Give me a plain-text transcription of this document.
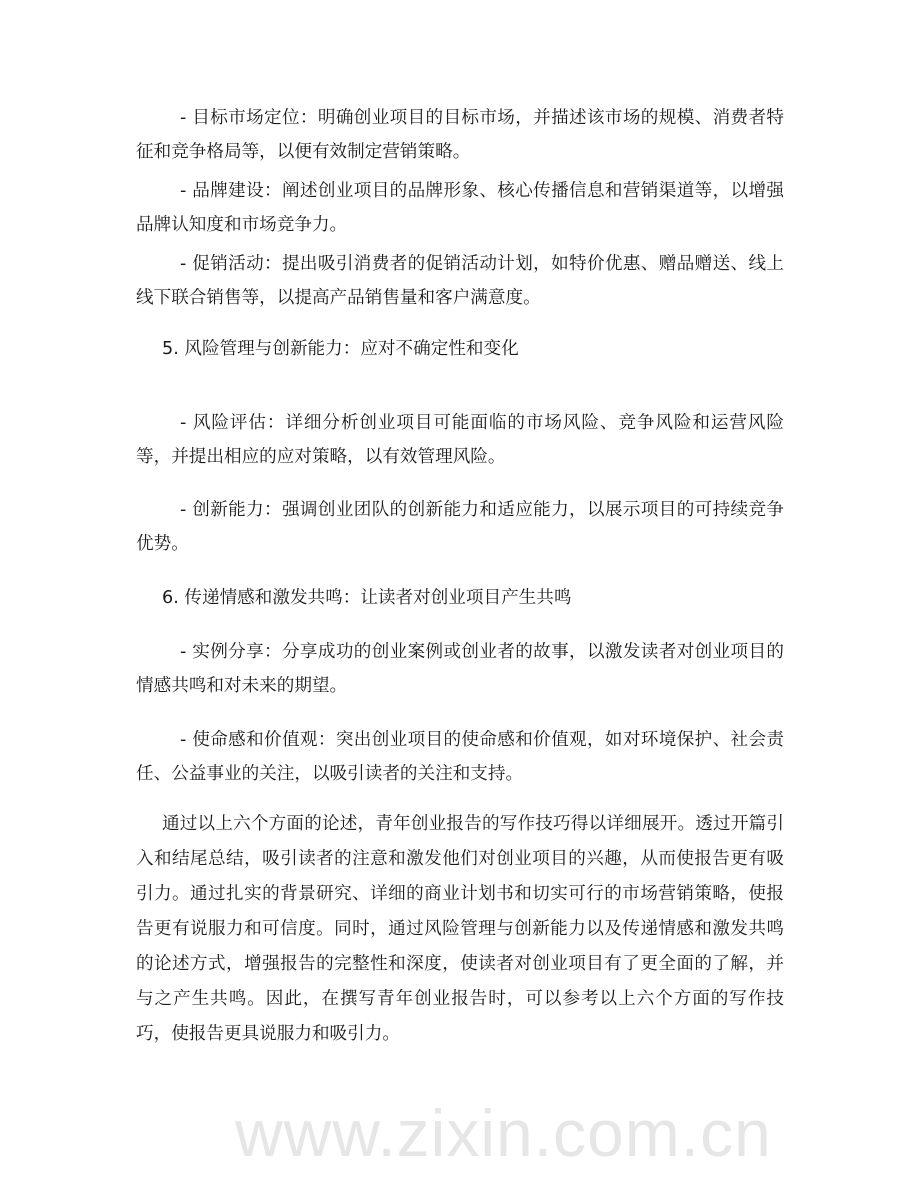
- 目标市场定位：明确创业项目的目标市场，并描述该市场的规模、消费者特征和竞争格局等，以便有效制定营销策略。

- 品牌建设：阐述创业项目的品牌形象、核心传播信息和营销渠道等，以增强品牌认知度和市场竞争力。

- 促销活动：提出吸引消费者的促销活动计划，如特价优惠、赠品赠送、线上线下联合销售等，以提高产品销售量和客户满意度。

5. 风险管理与创新能力：应对不确定性和变化

- 风险评估：详细分析创业项目可能面临的市场风险、竞争风险和运营风险等，并提出相应的应对策略，以有效管理风险。

- 创新能力：强调创业团队的创新能力和适应能力，以展示项目的可持续竞争优势。

6. 传递情感和激发共鸣：让读者对创业项目产生共鸣

- 实例分享：分享成功的创业案例或创业者的故事，以激发读者对创业项目的情感共鸣和对未来的期望。

- 使命感和价值观：突出创业项目的使命感和价值观，如对环境保护、社会责任、公益事业的关注，以吸引读者的关注和支持。

通过以上六个方面的论述，青年创业报告的写作技巧得以详细展开。透过开篇引入和结尾总结，吸引读者的注意和激发他们对创业项目的兴趣，从而使报告更有吸引力。通过扎实的背景研究、详细的商业计划书和切实可行的市场营销策略，使报告更有说服力和可信度。同时，通过风险管理与创新能力以及传递情感和激发共鸣的论述方式，增强报告的完整性和深度，使读者对创业项目有了更全面的了解，并与之产生共鸣。因此，在撰写青年创业报告时，可以参考以上六个方面的写作技巧，使报告更具说服力和吸引力。

www.zixin.com.cn
